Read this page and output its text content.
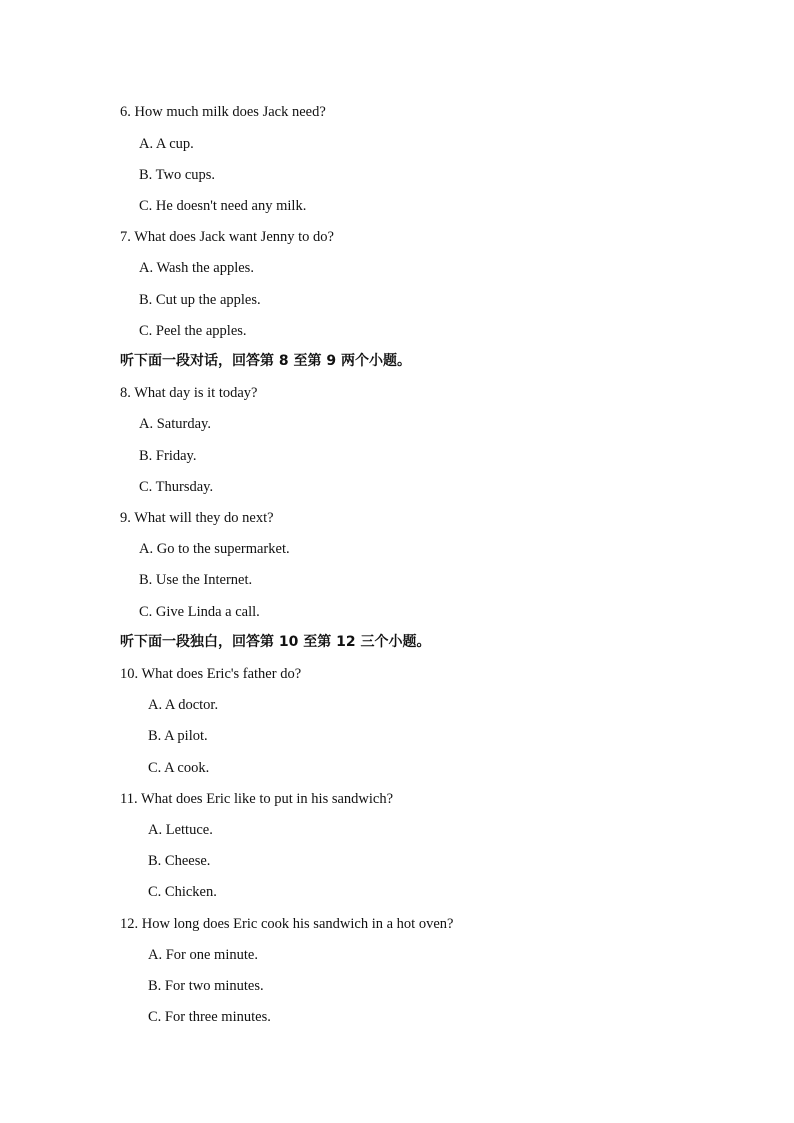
6. How much milk does Jack need?
A. A cup.
B. Two cups.
C. He doesn't need any milk.
7. What does Jack want Jenny to do?
A. Wash the apples.
B. Cut up the apples.
C. Peel the apples.
听下面一段对话，回答第 8 至第 9 两个小题。
8. What day is it today?
A. Saturday.
B. Friday.
C. Thursday.
9. What will they do next?
A. Go to the supermarket.
B. Use the Internet.
C. Give Linda a call.
听下面一段独白，回答第 10 至第 12 三个小题。
10. What does Eric's father do?
A. A doctor.
B. A pilot.
C. A cook.
11. What does Eric like to put in his sandwich?
A. Lettuce.
B. Cheese.
C. Chicken.
12. How long does Eric cook his sandwich in a hot oven?
A. For one minute.
B. For two minutes.
C. For three minutes.
